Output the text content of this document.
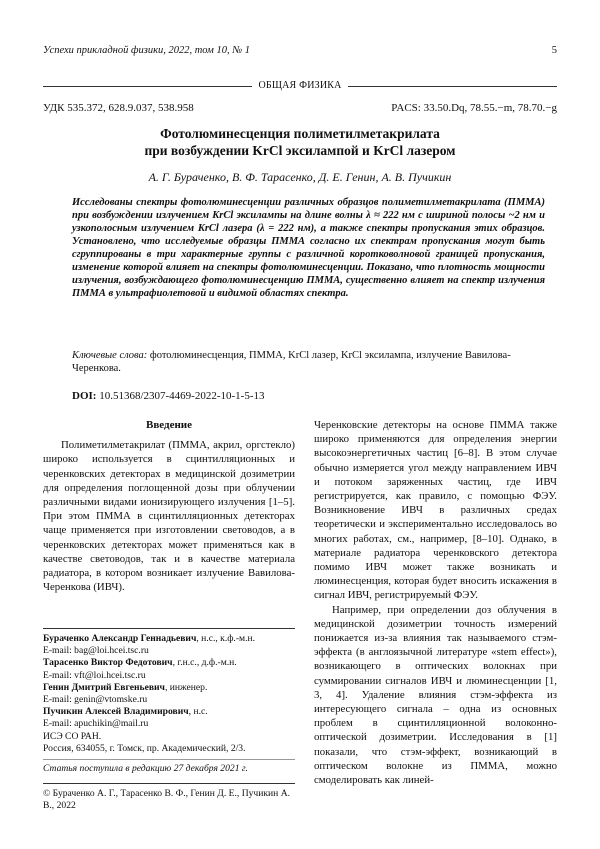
Успехи прикладной физики, 2022, том 10, № 1	5
ОБЩАЯ ФИЗИКА
УДК 535.372, 628.9.037, 538.958	PACS: 33.50.Dq, 78.55.−m, 78.70.−g
Фотолюминесценция полиметилметакрилата
при возбуждении KrCl эксилампой и KrCl лазером
А. Г. Бураченко, В. Ф. Тарасенко, Д. Е. Генин, А. В. Пучикин
Исследованы спектры фотолюминесценции различных образцов полиметилметакрилата (ПММА) при возбуждении излучением KrCl эксилампы на длине волны λ ≈ 222 нм с шириной полосы ~2 нм и узкополосным излучением KrCl лазера (λ = 222 нм), а также спектры пропускания этих образцов. Установлено, что исследуемые образцы ПММА согласно их спектрам пропускания могут быть сгруппированы в три характерные группы с различной коротковолновой границей пропускания, изменение которой влияет на спектры фотолюминесценции. Показано, что плотность мощности излучения, возбуждающего фотолюминесценцию ПММА, существенно влияет на спектр излучения ПММА в ультрафиолетовой и видимой областях спектра.
Ключевые слова: фотолюминесценция, ПММА, KrCl лазер, KrCl эксилампа, излучение Вавилова-Черенкова.
DOI: 10.51368/2307-4469-2022-10-1-5-13
Введение

Полиметилметакрилат (ПММА, акрил, оргстекло) широко используется в сцинтилляционных и черенковских детекторах в медицинской дозиметрии для определения поглощенной дозы при облучении различными видами ионизирующего излучения [1–5]. При этом ПММА в сцинтилляционных детекторах чаще применяется при изготовлении световодов, а в черенковских детекторах может применяться как в качестве световодов, так и в качестве материала радиатора, в котором возникает излучение Вавилова-Черенкова (ИВЧ).

Черенковские детекторы на основе ПММА также широко применяются для определения энергии высокоэнергетичных частиц [6–8]. В этом случае обычно измеряется угол между направлением ИВЧ и потоком заряженных частиц, где ИВЧ регистрируется, как правило, с помощью ФЭУ. Возникновение ИВЧ в различных средах теоретически и экспериментально исследовалось во многих работах, см., например, [8–10]. Однако, в материале радиатора черенковского детектора помимо ИВЧ может также возникать и люминесценция, которая будет вносить искажения в сигнал ИВЧ, регистрируемый ФЭУ.

Например, при определении доз облучения в медицинской дозиметрии точность измерений понижается из-за влияния так называемого стэм-эффекта (в англоязычной литературе «stem effect»), возникающего в оптических волокнах при суммировании сигналов ИВЧ и люминесценции [1, 3, 4]. Удаление влияния стэм-эффекта из интересующего сигнала – одна из основных проблем в сцинтилляционной волоконно-оптической дозиметрии. Исследования в [1] показали, что стэм-эффект, возникающий в оптическом волокне из ПММА, можно смоделировать как линей-

Бураченко Александр Геннадьевич, н.с., к.ф.-м.н.
E-mail: bag@loi.hcei.tsc.ru
Тарасенко Виктор Федотович, г.н.с., д.ф.-м.н.
E-mail: vft@loi.hcei.tsc.ru
Генин Дмитрий Евгеньевич, инженер.
E-mail: genin@vtomske.ru
Пучикин Алексей Владимирович, н.с.
E-mail: apuchikin@mail.ru
ИСЭ СО РАН.
Россия, 634055, г. Томск, пр. Академический, 2/3.
Статья поступила в редакцию 27 декабря 2021 г.
© Бураченко А. Г., Тарасенко В. Ф., Генин Д. Е., Пучикин А. В., 2022
